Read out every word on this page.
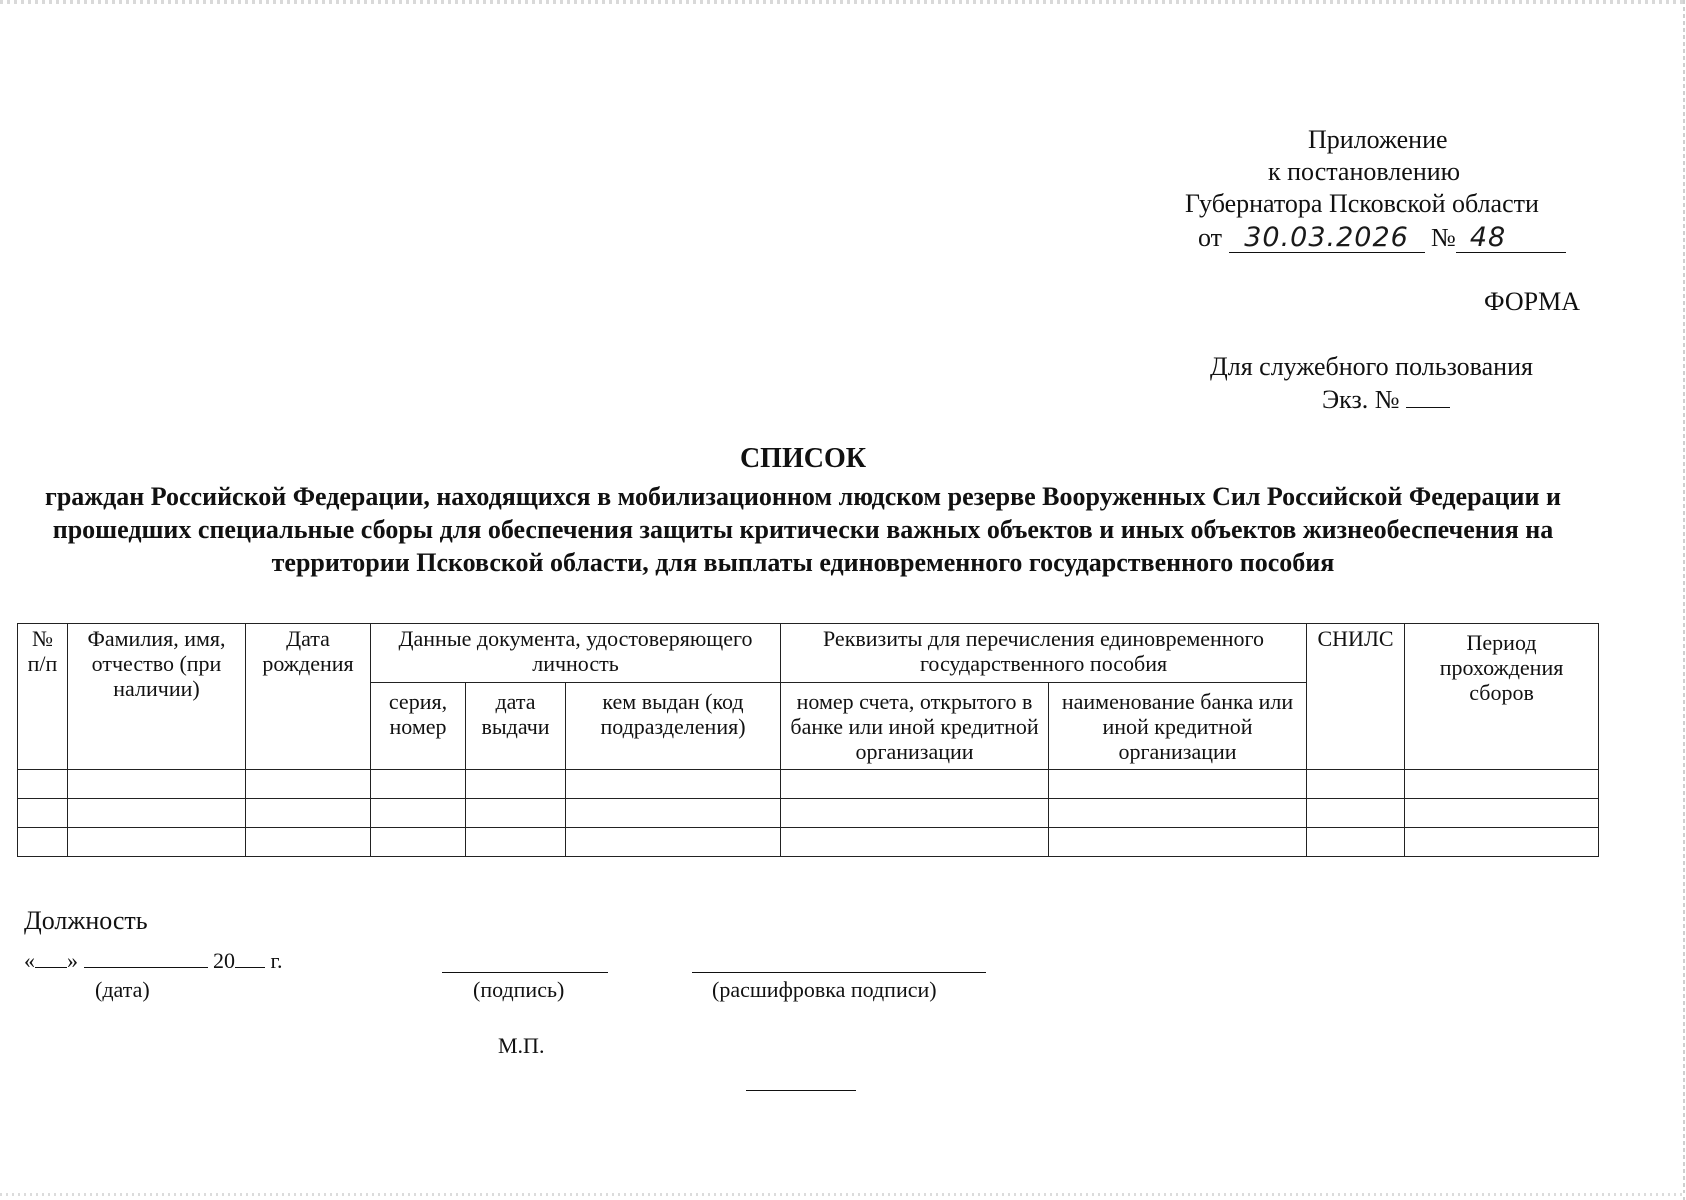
Приложение
к постановлению
Губернатора Псковской области
от 30.03.2026 № 48
ФОРМА
Для служебного пользования
Экз. №
СПИСОК
граждан Российской Федерации, находящихся в мобилизационном людском резерве Вооруженных Сил Российской Федерации и прошедших специальные сборы для обеспечения защиты критически важных объектов и иных объектов жизнеобеспечения на территории Псковской области, для выплаты единовременного государственного пособия
№ п/п	Фамилия, имя, отчество (при наличии)	Дата рождения	Данные документа, удостоверяющего личность			Реквизиты для перечисления единовременного государственного пособия		СНИЛС	Период прохождения сборов
			серия, номер	дата выдачи	кем выдан (код подразделения)	номер счета, открытого в банке или иной кредитной организации	наименование банка или иной кредитной организации		

Должность
« »	20 г.
(дата)	(подпись)	(расшифровка подписи)
М.П.
